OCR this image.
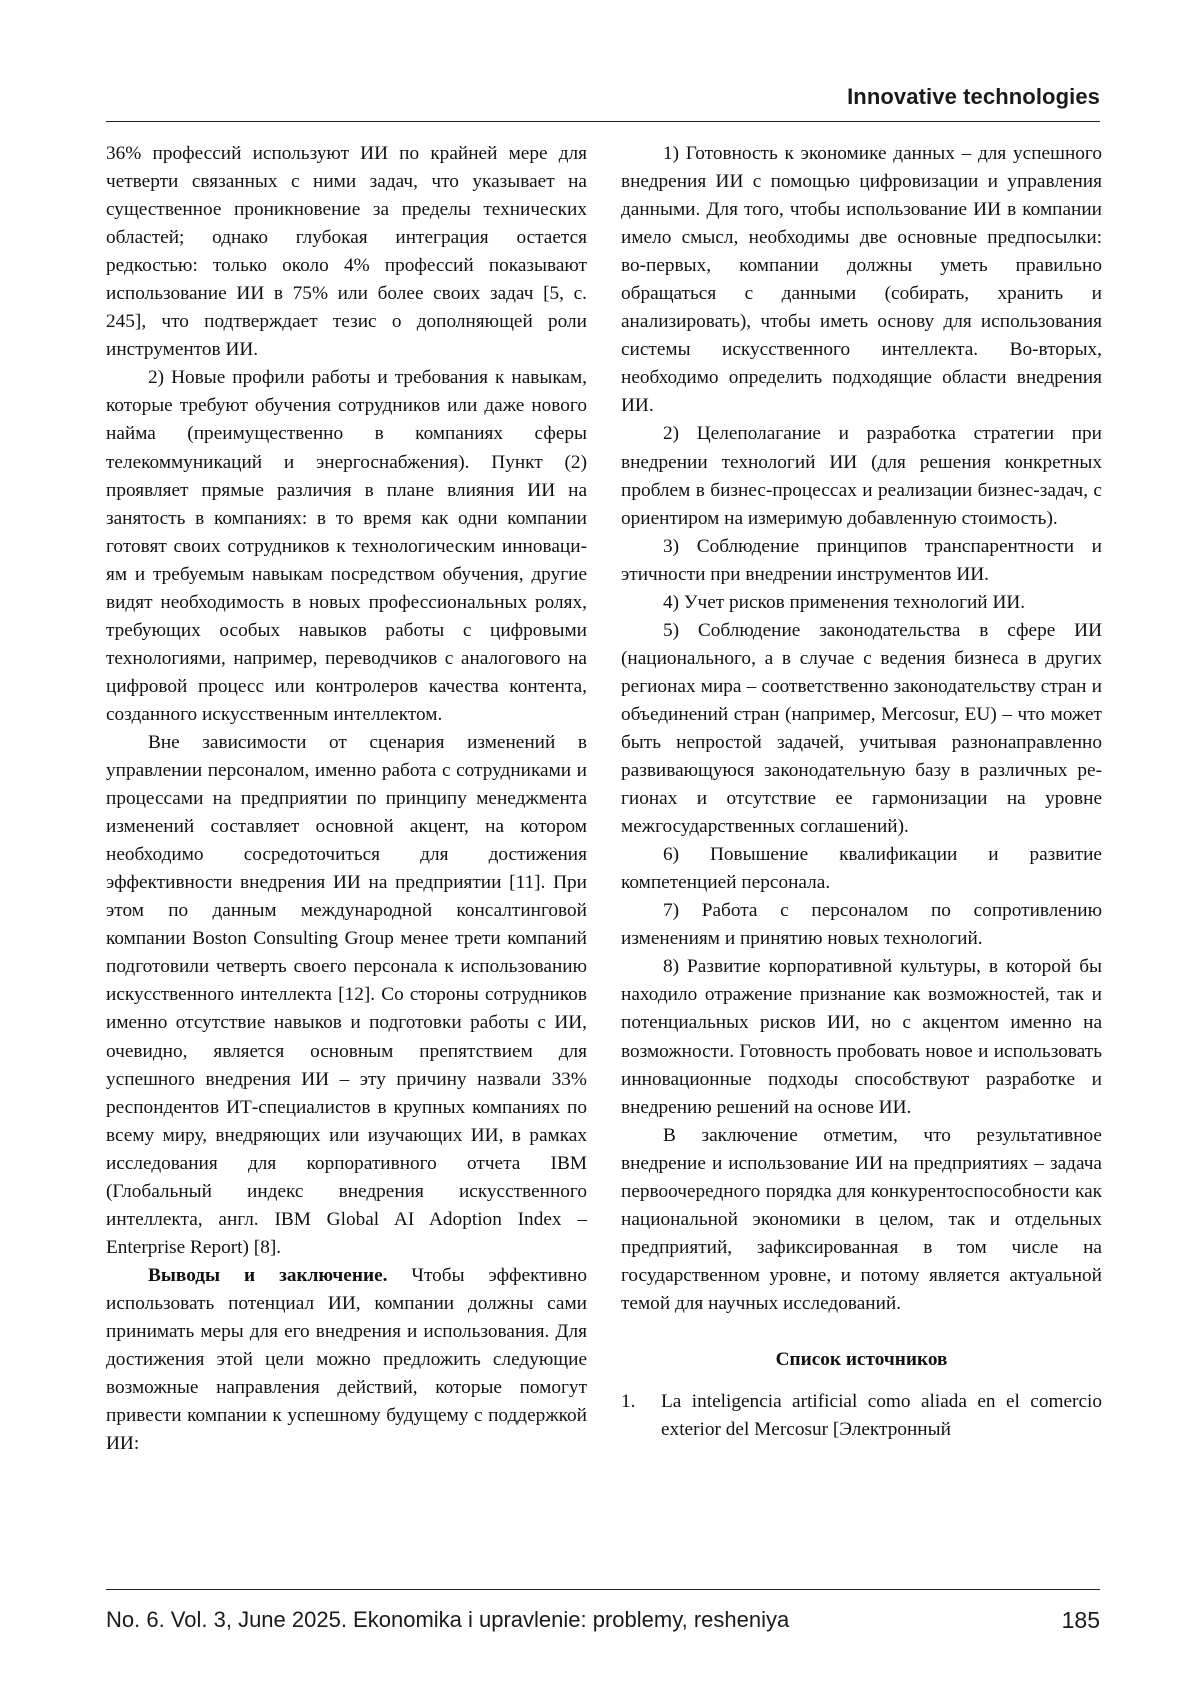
Innovative technologies

36% профессий используют ИИ по крайней мере для четверти связанных с ними задач, что указывает на существенное проникновение за пределы технических областей; однако глубокая интеграция остается редкостью: только около 4% профессий показывают использование ИИ в 75% или более своих задач [5, с. 245], что подтверждает тезис о дополняющей роли инструментов ИИ.

2) Новые профили работы и требования к навыкам, которые требуют обучения сотрудников или даже нового найма (преимущественно в компаниях сферы телекоммуникаций и энергоснабжения). Пункт (2) проявляет прямые различия в плане влияния ИИ на занятость в компаниях: в то время как одни компании готовят своих сотрудников к технологическим инновациям и требуемым навыкам посредством обучения, другие видят необходимость в новых профессиональных ролях, требующих особых навыков работы с цифровыми технологиями, например, переводчиков с аналогового на цифровой процесс или контролеров качества контента, созданного искусственным интеллектом.

Вне зависимости от сценария изменений в управлении персоналом, именно работа с сотрудниками и процессами на предприятии по принципу менеджмента изменений составляет основной акцент, на котором необходимо сосредоточиться для достижения эффективности внедрения ИИ на предприятии [11]. При этом по данным международной консалтинговой компании Boston Consulting Group менее трети компаний подготовили четверть своего персонала к использованию искусственного интеллекта [12]. Со стороны сотрудников именно отсутствие навыков и подготовки работы с ИИ, очевидно, является основным препятствием для успешного внедрения ИИ – эту причину назвали 33% респондентов ИТ-специалистов в крупных компаниях по всему миру, внедряющих или изучающих ИИ, в рамках исследования для корпоративного отчета IBM (Глобальный индекс внедрения искусственного интеллекта, англ. IBM Global AI Adoption Index – Enterprise Report) [8].

Выводы и заключение. Чтобы эффективно использовать потенциал ИИ, компании должны сами принимать меры для его внедрения и использования. Для достижения этой цели можно предложить следующие возможные направления действий, которые помогут привести компании к успешному будущему с поддержкой ИИ:

1) Готовность к экономике данных – для успешного внедрения ИИ с помощью цифровизации и управления данными. Для того, чтобы использование ИИ в компании имело смысл, необходимы две основные предпосылки: во-первых, компании должны уметь правильно обращаться с данными (собирать, хранить и анализировать), чтобы иметь основу для использования системы искусственного интеллекта. Во-вторых, необходимо определить подходящие области внедрения ИИ.

2) Целеполагание и разработка стратегии при внедрении технологий ИИ (для решения конкретных проблем в бизнес-процессах и реализации бизнес-задач, с ориентиром на измеримую добавленную стоимость).

3) Соблюдение принципов транспарентности и этичности при внедрении инструментов ИИ.

4) Учет рисков применения технологий ИИ.

5) Соблюдение законодательства в сфере ИИ (национального, а в случае с ведения бизнеса в других регионах мира – соответственно законодательству стран и объединений стран (например, Mercosur, EU) – что может быть непростой задачей, учитывая разнонаправленно развивающуюся законодательную базу в различных регионах и отсутствие ее гармонизации на уровне межгосударственных соглашений).

6) Повышение квалификации и развитие компетенцией персонала.

7) Работа с персоналом по сопротивлению изменениям и принятию новых технологий.

8) Развитие корпоративной культуры, в которой бы находило отражение признание как возможностей, так и потенциальных рисков ИИ, но с акцентом именно на возможности. Готовность пробовать новое и использовать инновационные подходы способствуют разработке и внедрению решений на основе ИИ.

В заключение отметим, что результативное внедрение и использование ИИ на предприятиях – задача первоочередного порядка для конкурентоспособности как национальной экономики в целом, так и отдельных предприятий, зафиксированная в том числе на государственном уровне, и потому является актуальной темой для научных исследований.

Список источников

1.	La inteligencia artificial como aliada en el comercio exterior del Mercosur [Электронный
No. 6. Vol. 3, June 2025. Ekonomika i upravlenie: problemy, resheniya	185
